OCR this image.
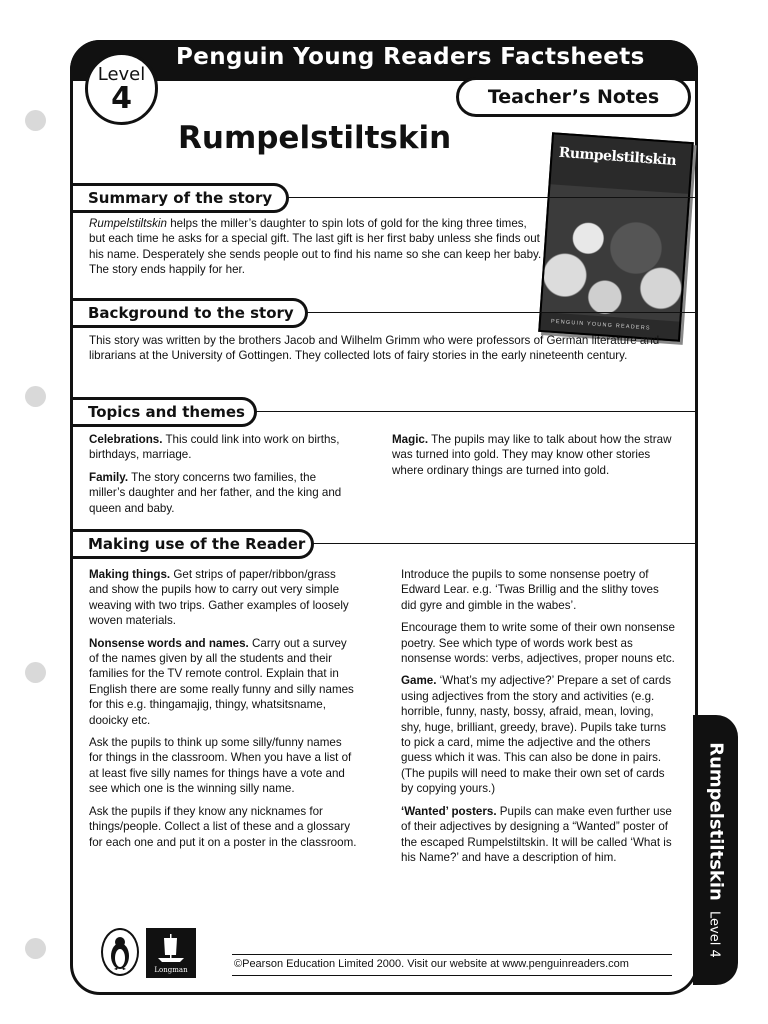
Penguin Young Readers Factsheets
Level
4	Teacher’s Notes
Rumpelstiltskin
Rumpelstiltskin
PENGUIN YOUNG READERS
Summary of the story

Rumpelstiltskin helps the miller’s daughter to spin lots of gold for the king three times, but each time he asks for a special gift. The last gift is her first baby unless she finds out his name. Desperately she sends people out to find his name so she can keep her baby. The story ends happily for her.

Background to the story

This story was written by the brothers Jacob and Wilhelm Grimm who were professors of German literature and librarians at the University of Gottingen. They collected lots of fairy stories in the early nineteenth century.

Topics and themes

Celebrations. This could link into work on births, birthdays, marriage.

Family. The story concerns two families, the miller’s daughter and her father, and the king and queen and baby.

Magic. The pupils may like to talk about how the straw was turned into gold. They may know other stories where ordinary things are turned into gold.

Making use of the Reader

Making things. Get strips of paper/ribbon/grass and show the pupils how to carry out very simple weaving with two trips. Gather examples of loosely woven materials.

Nonsense words and names. Carry out a survey of the names given by all the students and their families for the TV remote control. Explain that in English there are some really funny and silly names for this e.g. thingamajig, thingy, whatsitsname, dooicky etc.

Ask the pupils to think up some silly/funny names for things in the classroom. When you have a list of at least five silly names for things have a vote and see which one is the winning silly name.

Ask the pupils if they know any nicknames for things/people. Collect a list of these and a glossary for each one and put it on a poster in the classroom.

Introduce the pupils to some nonsense poetry of Edward Lear. e.g. ‘Twas Brillig and the slithy toves did gyre and gimble in the wabes’.

Encourage them to write some of their own nonsense poetry. See which type of words work best as nonsense words: verbs, adjectives, proper nouns etc.

Game. ‘What’s my adjective?’ Prepare a set of cards using adjectives from the story and activities (e.g. horrible, funny, nasty, bossy, afraid, mean, loving, shy, huge, brilliant, greedy, brave). Pupils take turns to pick a card, mime the adjective and the others guess which it was. This can also be done in pairs. (The pupils will need to make their own set of cards by copying yours.)

‘Wanted’ posters. Pupils can make even further use of their adjectives by designing a “Wanted” poster of the escaped Rumpelstiltskin. It will be called ‘What is his Name?’ and have a description of him.	Rumpelstiltskin  Level 4
Longman	©Pearson Education Limited 2000. Visit our website at www.penguinreaders.com
